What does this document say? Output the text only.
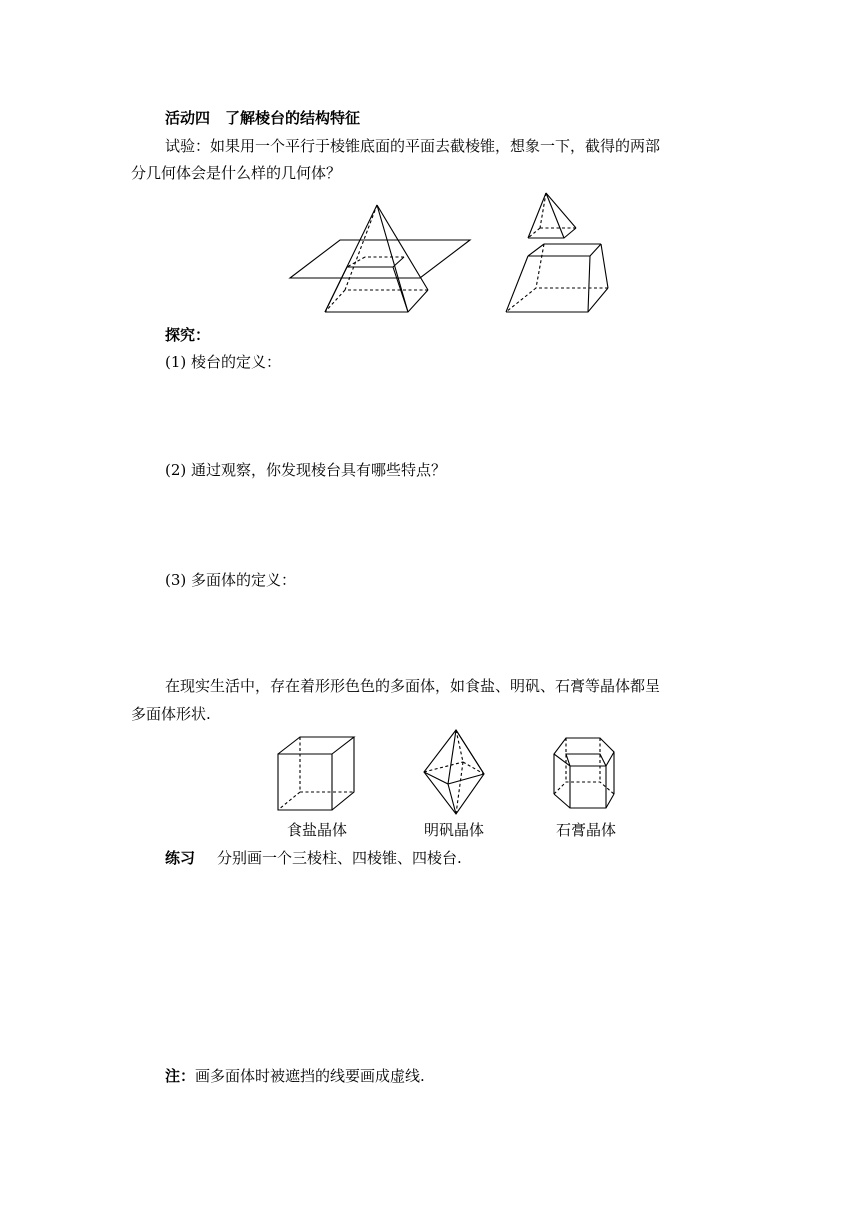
活动四　了解棱台的结构特征
试验：如果用一个平行于棱锥底面的平面去截棱锥，想象一下，截得的两部
分几何体会是什么样的几何体？
探究：
(1) 棱台的定义：
(2) 通过观察，你发现棱台具有哪些特点？
(3) 多面体的定义：
在现实生活中，存在着形形色色的多面体，如食盐、明矾、石膏等晶体都呈
多面体形状.
食盐晶体	明矾晶体	石膏晶体
练习 分别画一个三棱柱、四棱锥、四棱台.
注：画多面体时被遮挡的线要画成虚线.
